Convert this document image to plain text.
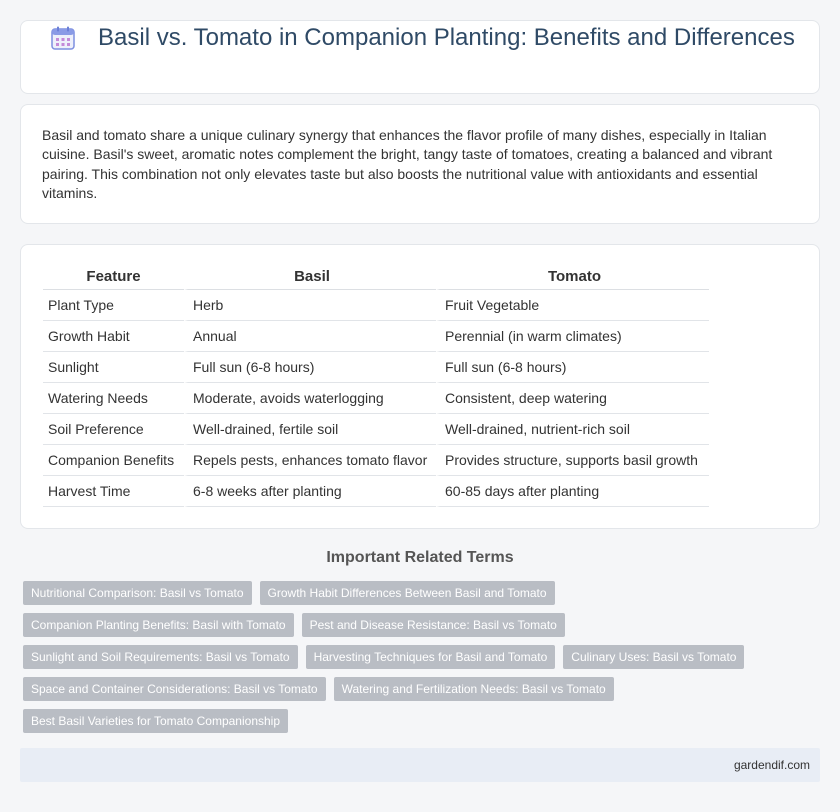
Basil vs. Tomato in Companion Planting: Benefits and Differences

Basil and tomato share a unique culinary synergy that enhances the flavor profile of many dishes, especially in Italian cuisine. Basil's sweet, aromatic notes complement the bright, tangy taste of tomatoes, creating a balanced and vibrant pairing. This combination not only elevates taste but also boosts the nutritional value with antioxidants and essential vitamins.

Feature	Basil	Tomato
Plant Type	Herb	Fruit Vegetable
Growth Habit	Annual	Perennial (in warm climates)
Sunlight	Full sun (6-8 hours)	Full sun (6-8 hours)
Watering Needs	Moderate, avoids waterlogging	Consistent, deep watering
Soil Preference	Well-drained, fertile soil	Well-drained, nutrient-rich soil
Companion Benefits	Repels pests, enhances tomato flavor	Provides structure, supports basil growth
Harvest Time	6-8 weeks after planting	60-85 days after planting
Important Related Terms
Nutritional Comparison: Basil vs Tomato	Growth Habit Differences Between Basil and Tomato
Companion Planting Benefits: Basil with Tomato	Pest and Disease Resistance: Basil vs Tomato
Sunlight and Soil Requirements: Basil vs Tomato	Harvesting Techniques for Basil and Tomato	Culinary Uses: Basil vs Tomato
Space and Container Considerations: Basil vs Tomato	Watering and Fertilization Needs: Basil vs Tomato
Best Basil Varieties for Tomato Companionship
gardendif.com
